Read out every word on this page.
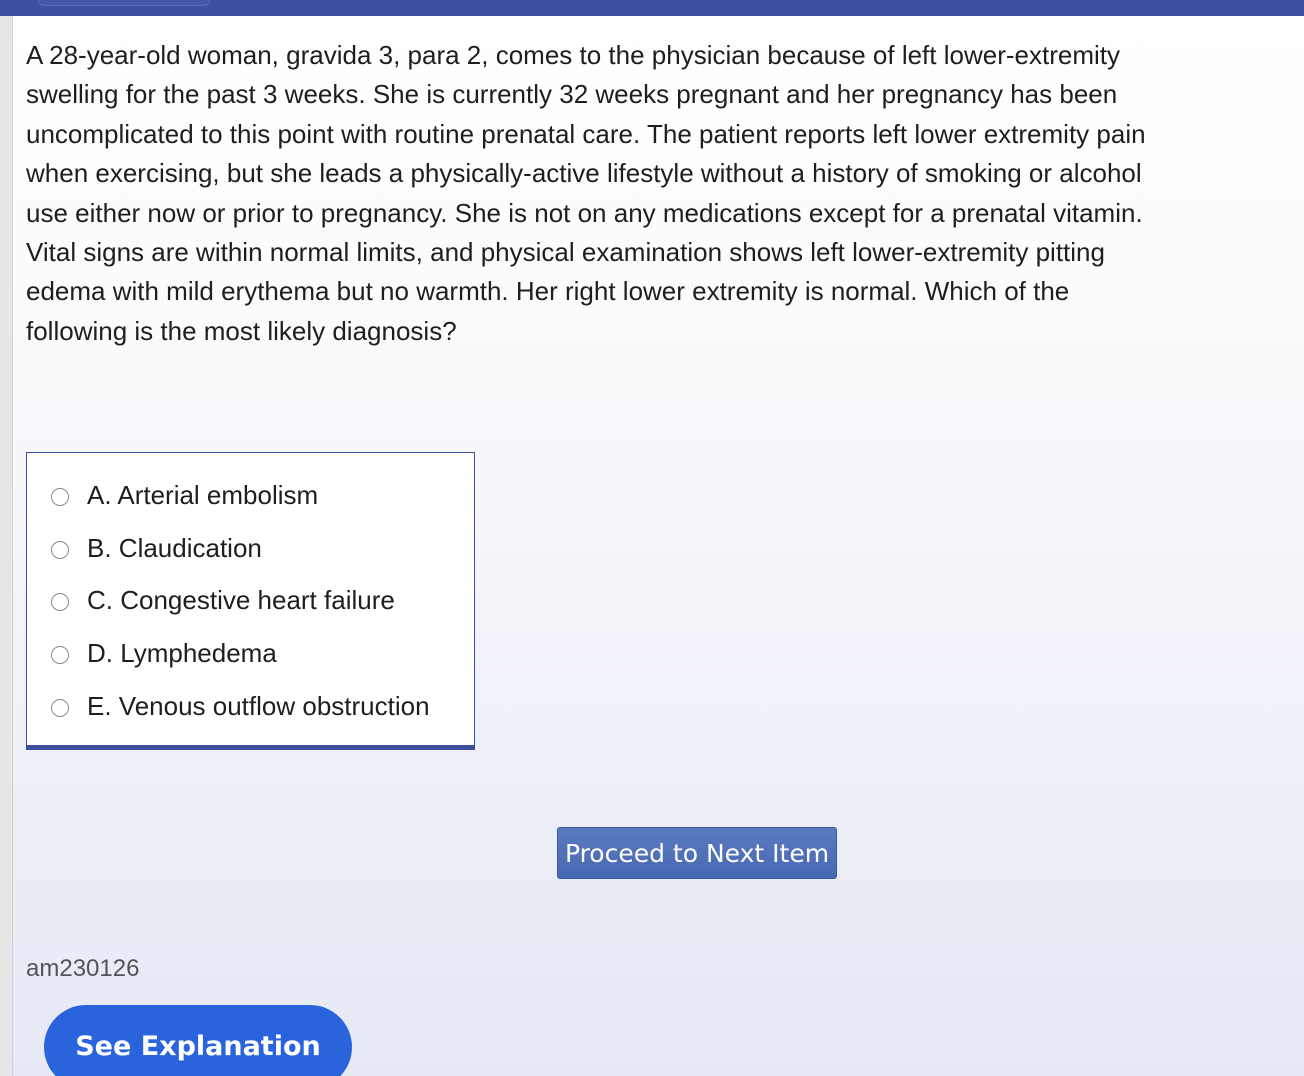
A 28-year-old woman, gravida 3, para 2, comes to the physician because of left lower-extremity swelling for the past 3 weeks. She is currently 32 weeks pregnant and her pregnancy has been uncomplicated to this point with routine prenatal care. The patient reports left lower extremity pain when exercising, but she leads a physically-active lifestyle without a history of smoking or alcohol use either now or prior to pregnancy. She is not on any medications except for a prenatal vitamin. Vital signs are within normal limits, and physical examination shows left lower-extremity pitting edema with mild erythema but no warmth. Her right lower extremity is normal. Which of the following is the most likely diagnosis?

A. Arterial embolism
B. Claudication
C. Congestive heart failure
D. Lymphedema
E. Venous outflow obstruction
Proceed to Next Item
am230126
See Explanation
